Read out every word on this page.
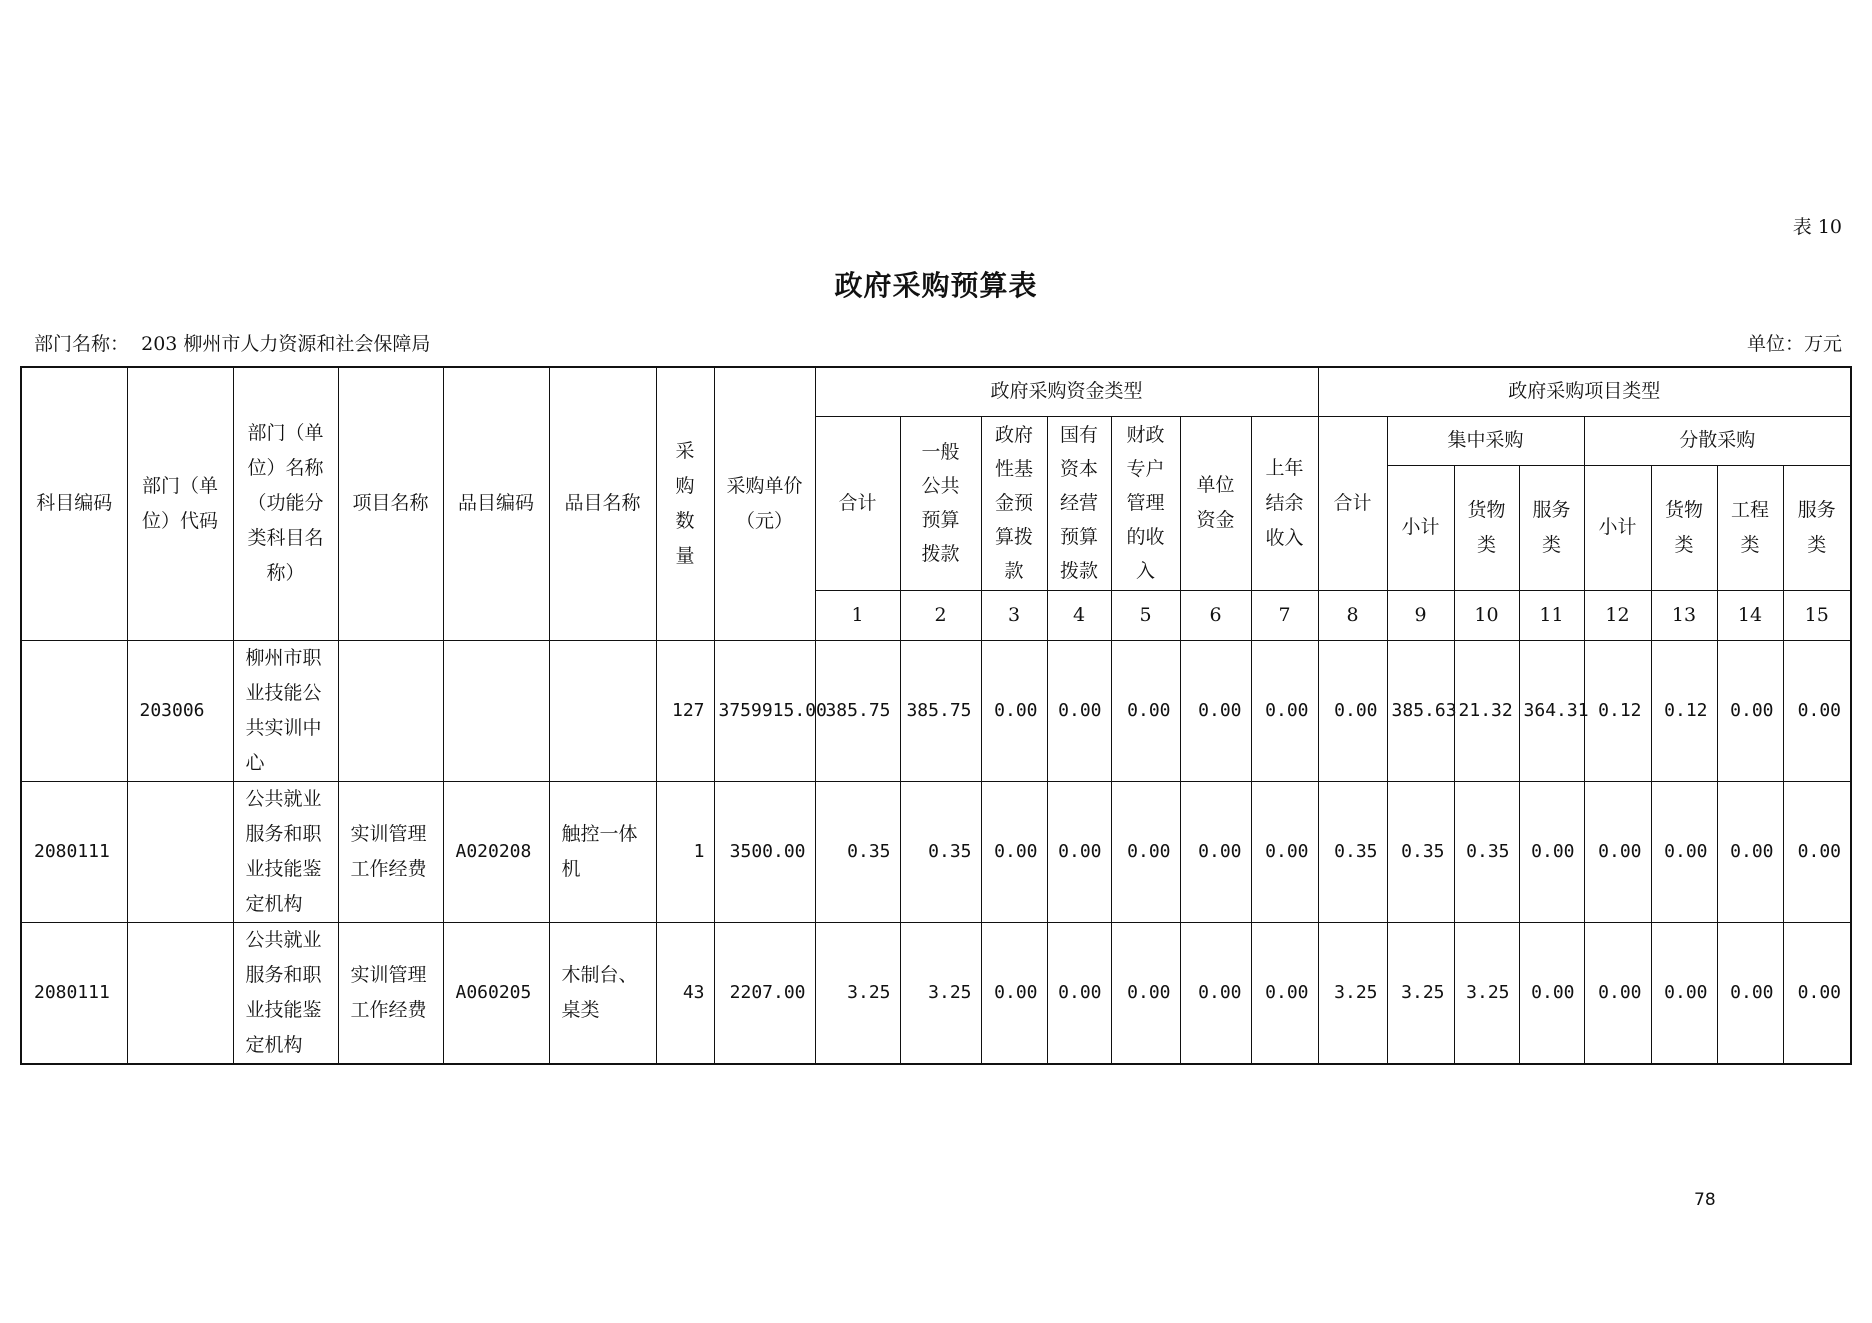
表 10
政府采购预算表
部门名称： 203 柳州市人力资源和社会保障局	单位：万元
科目编码	部门（单位）代码	部门（单位）名称（功能分类科目名称）	项目名称	品目编码	品目名称	采购数量	采购单价（元）	政府采购资金类型							政府采购项目类型							
								合计	一般公共预算拨款	政府性基金预算拨款	国有资本经营预算拨款	财政专户管理的收入	单位资金	上年结余收入	合计	集中采购			分散采购			
																小计	货物类	服务类	小计	货物类	工程类	服务类
								1	2	3	4	5	6	7	8	9	10	11	12	13	14	15
	203006	柳州市职业技能公共实训中心				127	3759915.00	385.75	385.75	0.00	0.00	0.00	0.00	0.00	0.00	385.63	21.32	364.31	0.12	0.12	0.00	0.00
2080111		公共就业服务和职业技能鉴定机构	实训管理工作经费	A020208	触控一体机	1	3500.00	0.35	0.35	0.00	0.00	0.00	0.00	0.00	0.35	0.35	0.35	0.00	0.00	0.00	0.00	0.00
2080111		公共就业服务和职业技能鉴定机构	实训管理工作经费	A060205	木制台、桌类	43	2207.00	3.25	3.25	0.00	0.00	0.00	0.00	0.00	3.25	3.25	3.25	0.00	0.00	0.00	0.00	0.00
78
